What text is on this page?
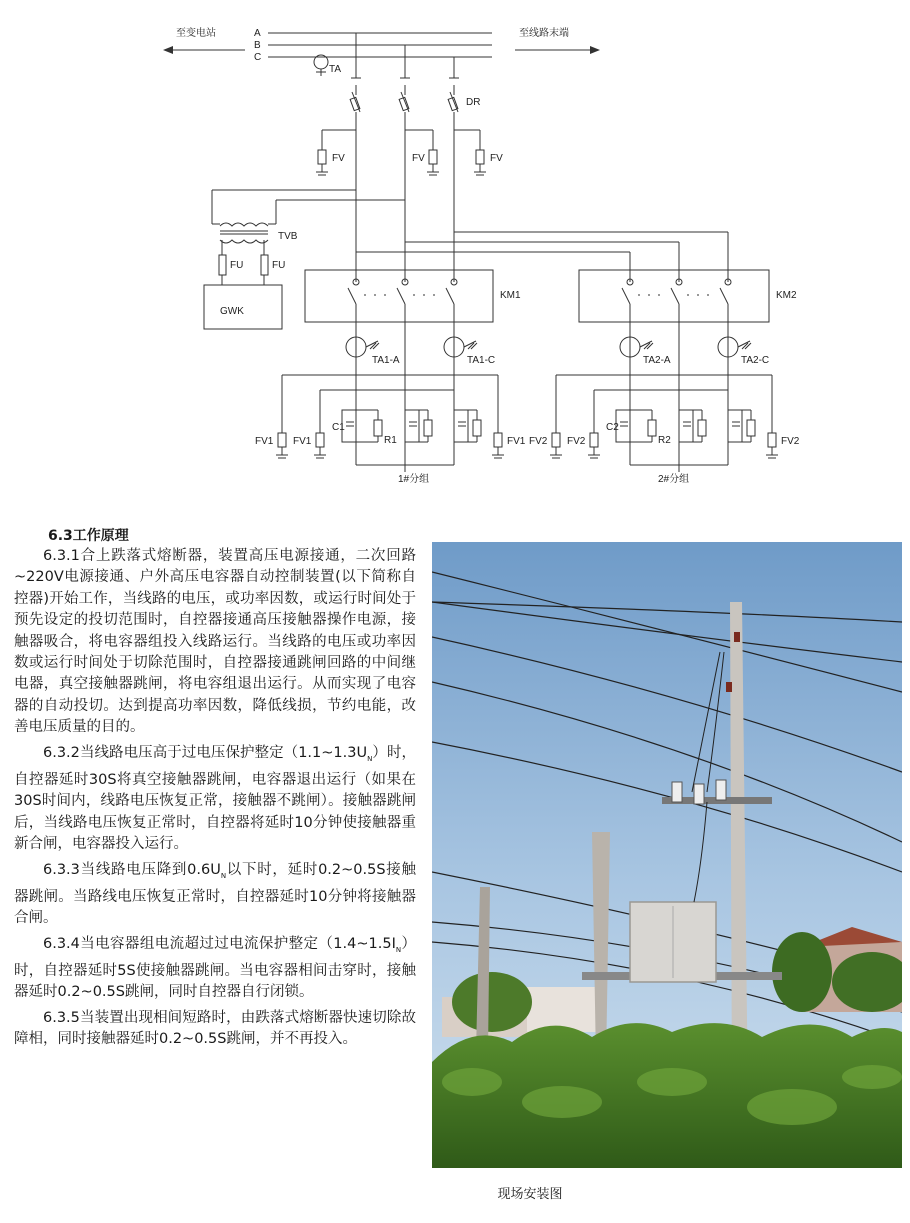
A
B
C
至变电站	至线路末端
TA
DR
FV	FV	FV
TVB
FU	FU
GWK
KM1	KM2
TA1-A	TA1-C
C1
R1
1#分组
FV1 FV1	FV1
TA2-A	TA2-C
C2
R2
2#分组
FV2 FV2	FV2
6.3工作原理

6.3.1合上跌落式熔断器，装置高压电源接通，二次回路~220V电源接通、户外高压电容器自动控制装置(以下简称自控器)开始工作，当线路的电压，或功率因数，或运行时间处于预先设定的投切范围时，自控器接通高压接触器操作电源，接触器吸合，将电容器组投入线路运行。当线路的电压或功率因数或运行时间处于切除范围时，自控器接通跳闸回路的中间继电器，真空接触器跳闸，将电容组退出运行。从而实现了电容器的自动投切。达到提高功率因数，降低线损，节约电能，改善电压质量的目的。

6.3.2当线路电压高于过电压保护整定$(1.1\sim 1.3U_N)$时，自控器延时30S将真空接触器跳闸，电容器退出运行（如果在30S时间内，线路电压恢复正常，接触器不跳闸）。接触器跳闸后，当线路电压恢复正常时，自控器将延时10分钟使接触器重新合闸，电容器投入运行。

6.3.3当线路电压降到$0.6U_N$以下时，延时0.2~0.5S接触器跳闸。当路线电压恢复正常时，自控器延时10分钟将接触器合闸。

6.3.4当电容器组电流超过过电流保护整定$(1.4\sim 1.5I_N)$时，自控器延时5S使接触器跳闸。当电容器相间击穿时，接触器延时0.2~0.5S跳闸，同时自控器自行闭锁。

6.3.5当装置出现相间短路时，由跌落式熔断器快速切除故障相，同时接触器延时0.2~0.5S跳闸，并不再投入。

现场安装图
